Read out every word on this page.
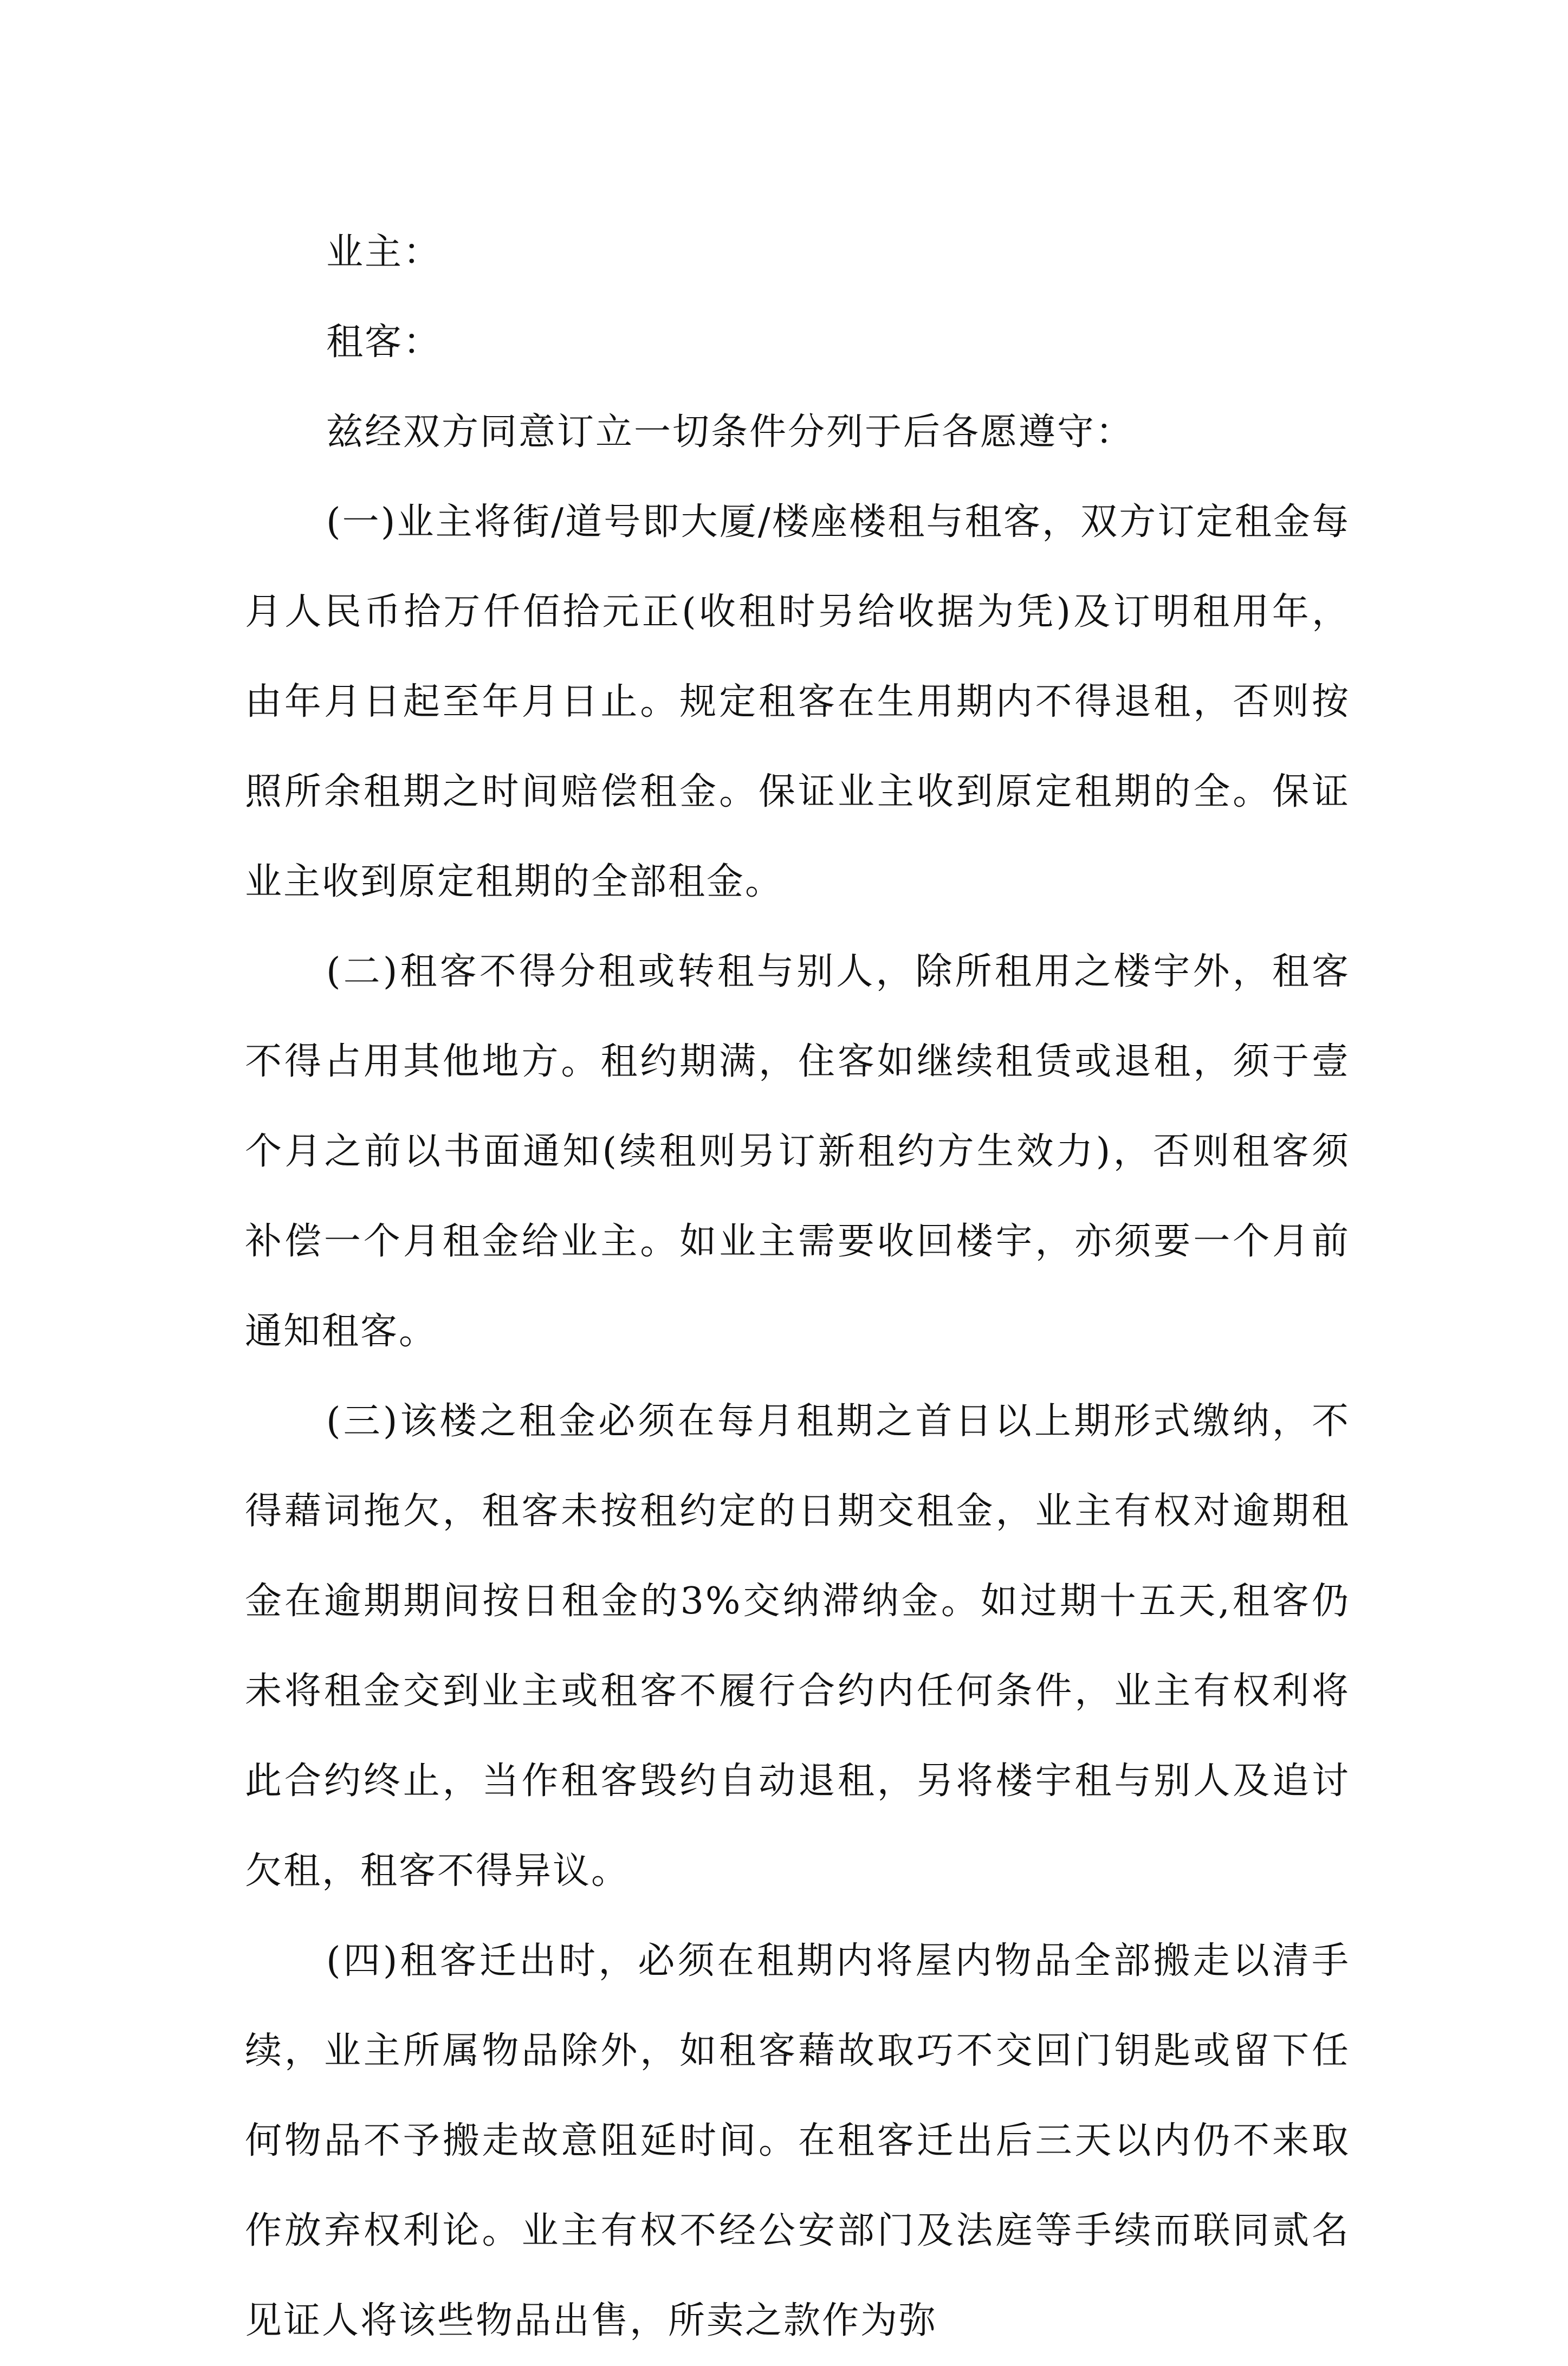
业主：

租客：

兹经双方同意订立一切条件分列于后各愿遵守：

(一)业主将街/道号即大厦/楼座楼租与租客，双方订定租金每月人民币拾万仟佰拾元正(收租时另给收据为凭)及订明租用年，由年月日起至年月日止。规定租客在生用期内不得退租，否则按照所余租期之时间赔偿租金。保证业主收到原定租期的全。保证业主收到原定租期的全部租金。

(二)租客不得分租或转租与别人，除所租用之楼宇外，租客不得占用其他地方。租约期满，住客如继续租赁或退租，须于壹个月之前以书面通知(续租则另订新租约方生效力)，否则租客须补偿一个月租金给业主。如业主需要收回楼宇，亦须要一个月前通知租客。

(三)该楼之租金必须在每月租期之首日以上期形式缴纳，不得藉词拖欠，租客未按租约定的日期交租金，业主有权对逾期租金在逾期期间按日租金的3%交纳滞纳金。如过期十五天,租客仍未将租金交到业主或租客不履行合约内任何条件，业主有权利将此合约终止，当作租客毁约自动退租，另将楼宇租与别人及追讨欠租，租客不得异议。

(四)租客迁出时，必须在租期内将屋内物品全部搬走以清手续，业主所属物品除外，如租客藉故取巧不交回门钥匙或留下任何物品不予搬走故意阻延时间。在租客迁出后三天以内仍不来取作放弃权利论。业主有权不经公安部门及法庭等手续而联同贰名见证人将该些物品出售，所卖之款作为弥
